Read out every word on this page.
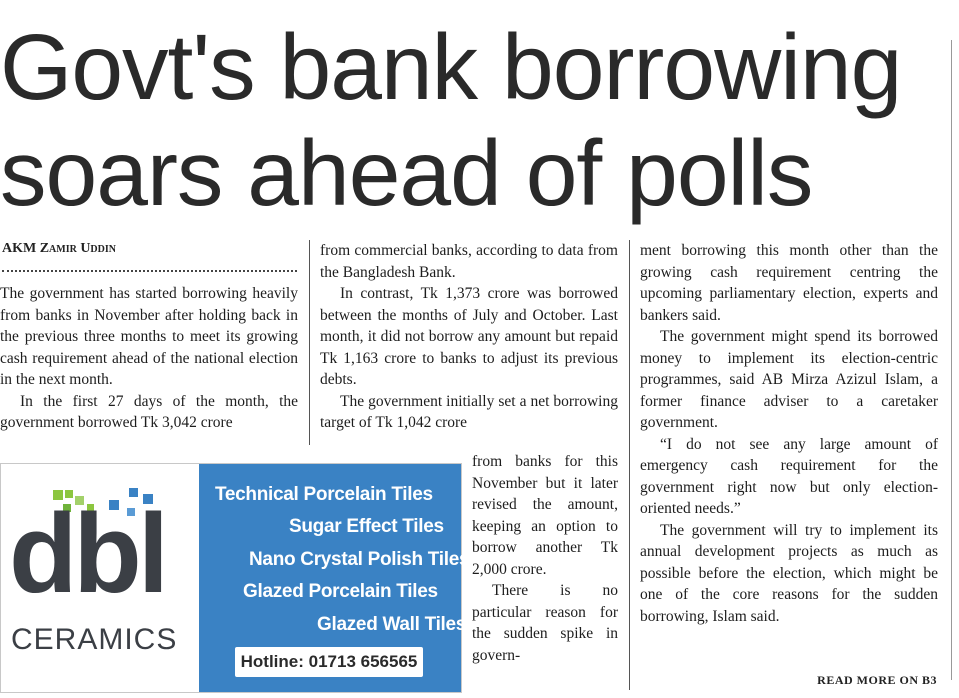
Govt's bank borrowing
soars ahead of polls
AKM Zamir Uddin

The government has started borrowing heavily from banks in November after holding back in the previous three months to meet its growing cash requirement ahead of the national election in the next month.

In the first 27 days of the month, the government borrowed Tk 3,042 crore

from commercial banks, according to data from the Bangladesh Bank.

In contrast, Tk 1,373 crore was borrowed between the months of July and October. Last month, it did not borrow any amount but repaid Tk 1,163 crore to banks to adjust its previous debts.

The government initially set a net borrowing target of Tk 1,042 crore

from banks for this November but it later revised the amount, keeping an option to borrow another Tk 2,000 crore.

There is no particular reason for the sudden spike in govern-

ment borrowing this month other than the growing cash requirement centring the upcoming parliamentary election, experts and bankers said.

The government might spend its borrowed money to implement its election-centric programmes, said AB Mirza Azizul Islam, a former finance adviser to a caretaker government.

“I do not see any large amount of emergency cash requirement for the government right now but only election-oriented needs.”

The government will try to implement its annual development projects as much as possible before the election, which might be one of the core reasons for the sudden borrowing, Islam said.

READ MORE ON B3
dbl
CERAMICS
Technical Porcelain Tiles
Sugar Effect Tiles
Nano Crystal Polish Tiles
Glazed Porcelain Tiles
Glazed Wall Tiles
Hotline: 01713 656565
